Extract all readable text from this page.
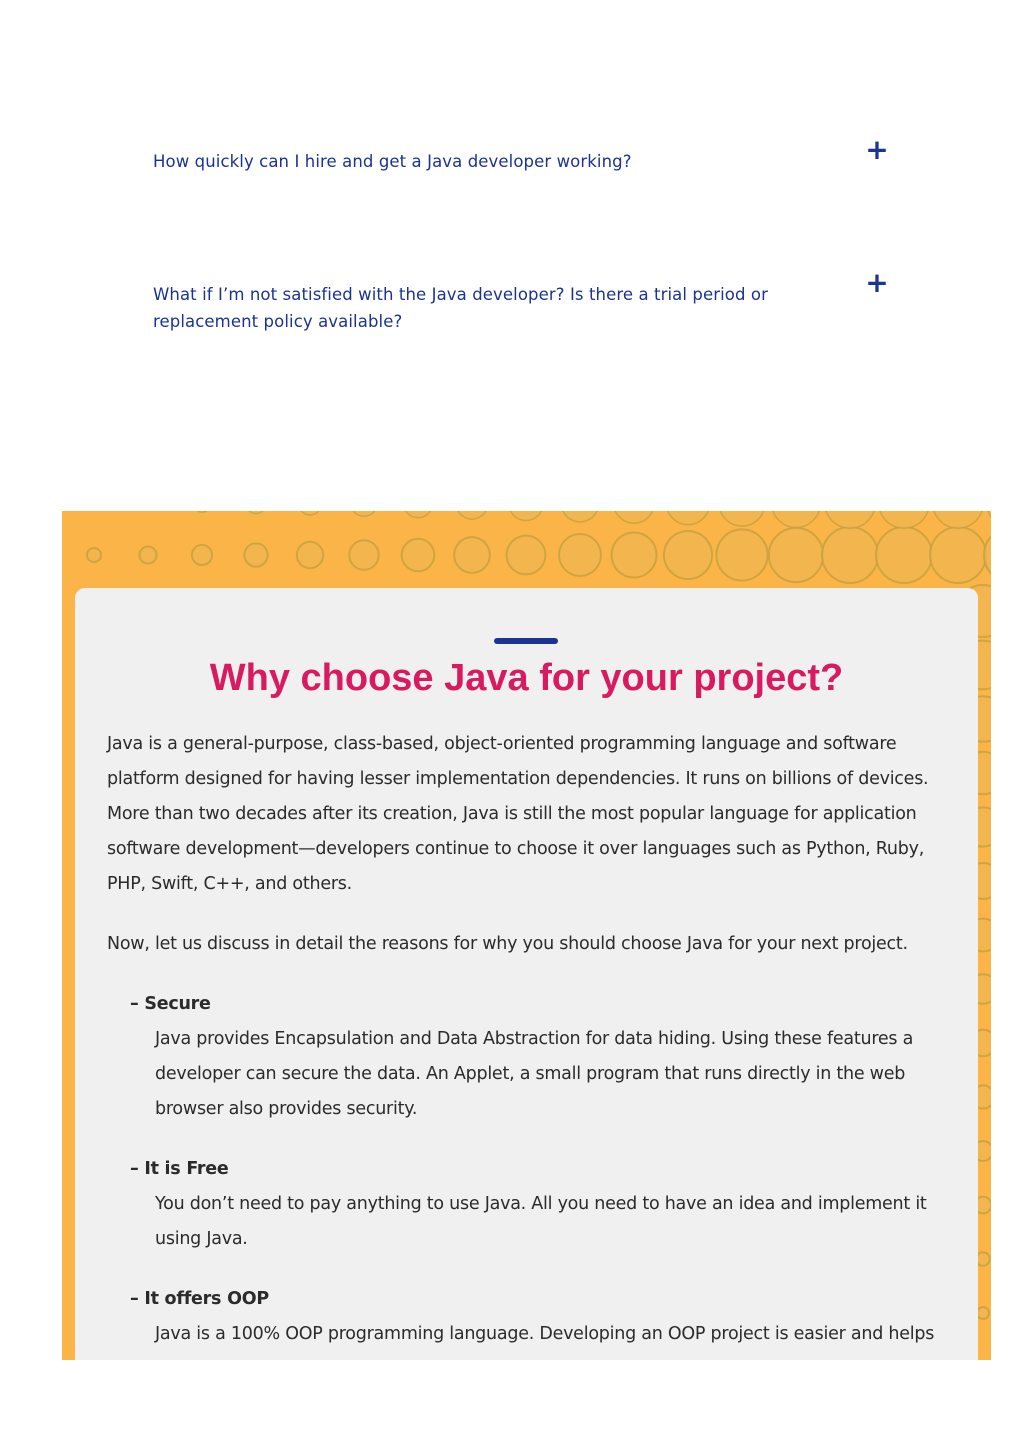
How quickly can I hire and get a Java developer working?	+
What if I’m not satisfied with the Java developer? Is there a trial period or replacement policy available?
+
Why choose Java for your project?

Java is a general-purpose, class-based, object-oriented programming language and software platform designed for having lesser implementation dependencies. It runs on billions of devices. More than two decades after its creation, Java is still the most popular language for application software development—developers continue to choose it over languages such as Python, Ruby, PHP, Swift, C++, and others.

Now, let us discuss in detail the reasons for why you should choose Java for your next project.

– Secure
Java provides Encapsulation and Data Abstraction for data hiding. Using these features a developer can secure the data. An Applet, a small program that runs directly in the web browser also provides security.
– It is Free
You don’t need to pay anything to use Java. All you need to have an idea and implement it using Java.
– It offers OOP
Java is a 100% OOP programming language. Developing an OOP project is easier and helps
